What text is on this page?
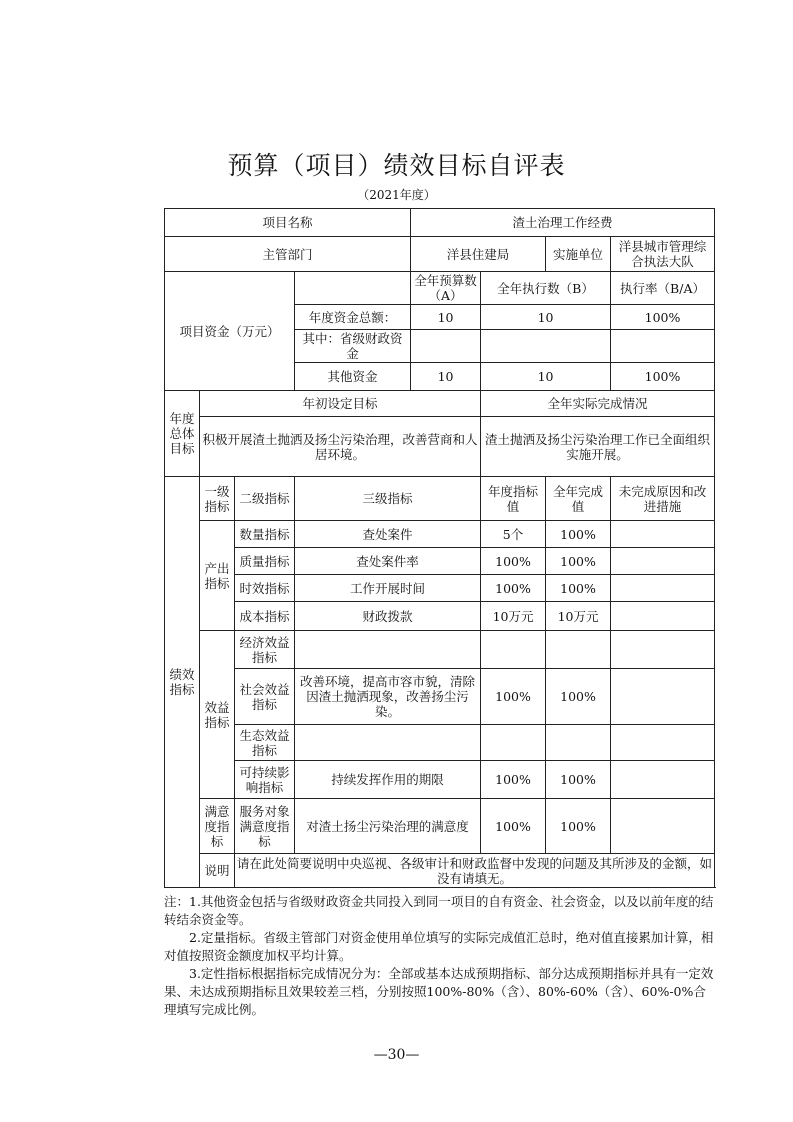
预算（项目）绩效目标自评表
（2021年度）
项目名称				渣土治理工作经费			
主管部门				洋县住建局		实施单位	洋县城市管理综合执法大队
项目资金（万元）				全年预算数（A）	全年执行数（B）		执行率（B/A）
			年度资金总额：	10	10		100%
			其中：省级财政资金				
			其他资金	10	10		100%
年度总体目标	年初设定目标				全年实际完成情况		
	积极开展渣土抛洒及扬尘污染治理，改善营商和人居环境。				渣土抛洒及扬尘污染治理工作已全面组织实施开展。		
绩效指标	一级指标	二级指标	三级指标		年度指标值	全年完成值	未完成原因和改进措施
	产出指标	数量指标	查处案件		5个	100%	
		质量指标	查处案件率		100%	100%	
		时效指标	工作开展时间		100%	100%	
		成本指标	财政拨款		10万元	10万元	
	效益指标	经济效益指标					
		社会效益指标	改善环境，提高市容市貌，清除因渣土抛洒现象，改善扬尘污染。		100%	100%	
		生态效益指标					
		可持续影响指标	持续发挥作用的期限		100%	100%	
	满意度指标	服务对象满意度指标	对渣土扬尘污染治理的满意度		100%	100%	
	说明	请在此处简要说明中央巡视、各级审计和财政监督中发现的问题及其所涉及的金额，如没有请填无。					

注：1.其他资金包括与省级财政资金共同投入到同一项目的自有资金、社会资金，以及以前年度的结转结余资金等。

2.定量指标。省级主管部门对资金使用单位填写的实际完成值汇总时，绝对值直接累加计算，相对值按照资金额度加权平均计算。

3.定性指标根据指标完成情况分为：全部或基本达成预期指标、部分达成预期指标并具有一定效果、未达成预期指标且效果较差三档，分别按照100%-80%（含）、80%-60%（含）、60%-0%合理填写完成比例。

—30—
